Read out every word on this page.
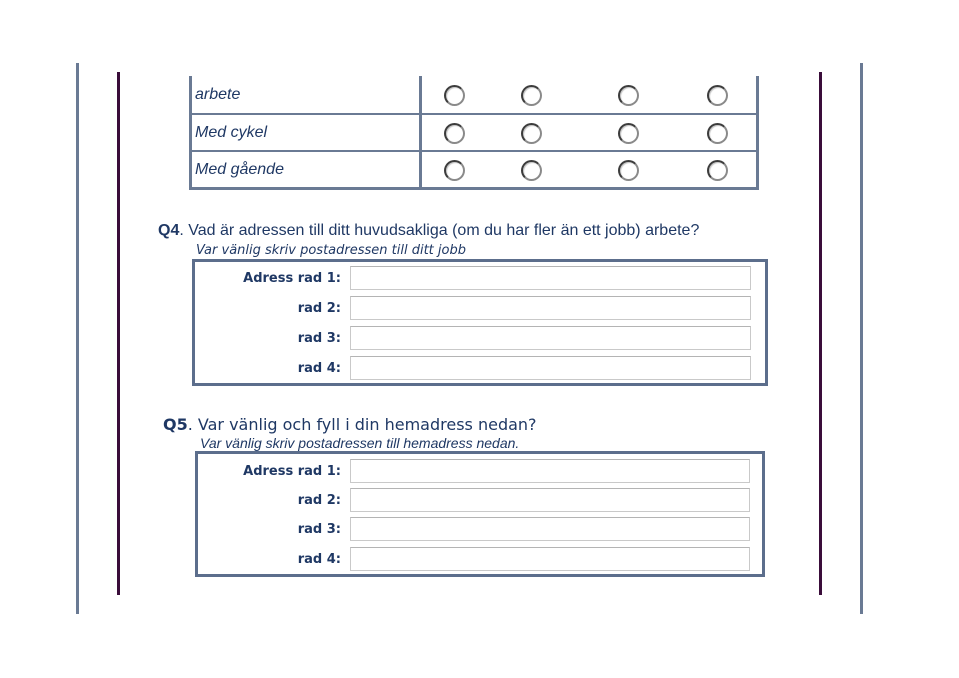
arbete
Med cykel
Med gående
Q4. Vad är adressen till ditt huvudsakliga (om du har fler än ett jobb) arbete?
Var vänlig skriv postadressen till ditt jobb
Adress rad 1:
rad 2:
rad 3:
rad 4:
Q5. Var vänlig och fyll i din hemadress nedan?
Var vänlig skriv postadressen till hemadress nedan.
Adress rad 1:
rad 2:
rad 3:
rad 4:
